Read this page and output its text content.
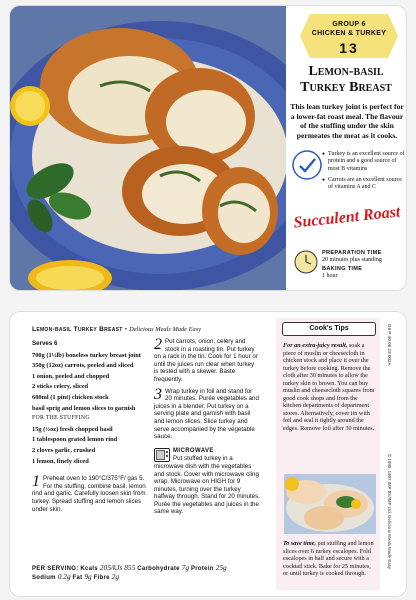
GROUP 6
CHICKEN & TURKEY
13
Lemon-basil
Turkey Breast
This lean turkey joint is perfect for a lower-fat roast meal. The flavour of the stuffing under the skin permeates the meat as it cooks.

● Turkey is an excellent source of protein and a good source of most B vitamins

● Carrots are an excellent source of vitamins A and C

Succulent Roast
PREPARATION TIME
20 minutes plus standing
BAKING TIME
1 hour
Lemon-basil Turkey Breast • Delicious Meals Made Easy
Serves 6

700g (1½lb) boneless turkey breast joint

350g (12oz) carrots, peeled and sliced

1 onion, peeled and chopped

2 sticks celery, sliced

600ml (1 pint) chicken stock

basil sprig and lemon slices to garnish

FOR THE STUFFING

15g (½oz) fresh chopped basil

1 tablespoon grated lemon rind

2 cloves garlic, crushed

1 lemon, finely sliced

1 Preheat oven to 190°C/375°F/ gas 5. For the stuffing, combine basil, lemon rind and garlic. Carefully loosen skin from turkey. Spread stuffing and lemon slices under skin.

2 Put carrots, onion, celery and stock in a roasting tin. Put turkey on a rack in the tin. Cook for 1 hour or until the juices run clear when turkey is tested with a skewer. Baste frequently.

3 Wrap turkey in foil and stand for 20 minutes. Purée vegetables and juices in a blender. Put turkey on a serving plate and garnish with basil and lemon slices. Slice turkey and serve accompanied by the vegetable sauce.

MICROWAVE
Put stuffed turkey in a microwave dish with the vegetables and stock. Cover with microwave cling wrap. Microwave on HIGH for 9 minutes, turning over the turkey halfway through. Stand for 20 minutes. Purée the vegetables and juices in the same way.

PER SERVING: Kcals 205/kJs 855 Carbohydrate 7g Protein 25g
Sodium 0.2g Fat 9g Fibre 2g
Cook's Tips
For an extra-juicy result, soak a piece of muslin or cheesecloth in chicken stock and place it over the turkey before cooking. Remove the cloth after 30 minutes to allow the turkey skin to brown. You can buy muslin and cheesecloth squares from good cook shops and from the kitchen departments of department stores. Alternatively, cover tin with foil and seal it tightly around the edges. Remove foil after 30 minutes.
To save time, put stuffing and lemon slices over 6 turkey escalopes. Fold escalopes in half and secure with a cocktail stick. Bake for 25 minutes, or until turkey is cooked through.
G6 P 40 06 23 002A
© 1995, 1997 IMP BV/IMP Ltd. Delicious Meals Made Easy
